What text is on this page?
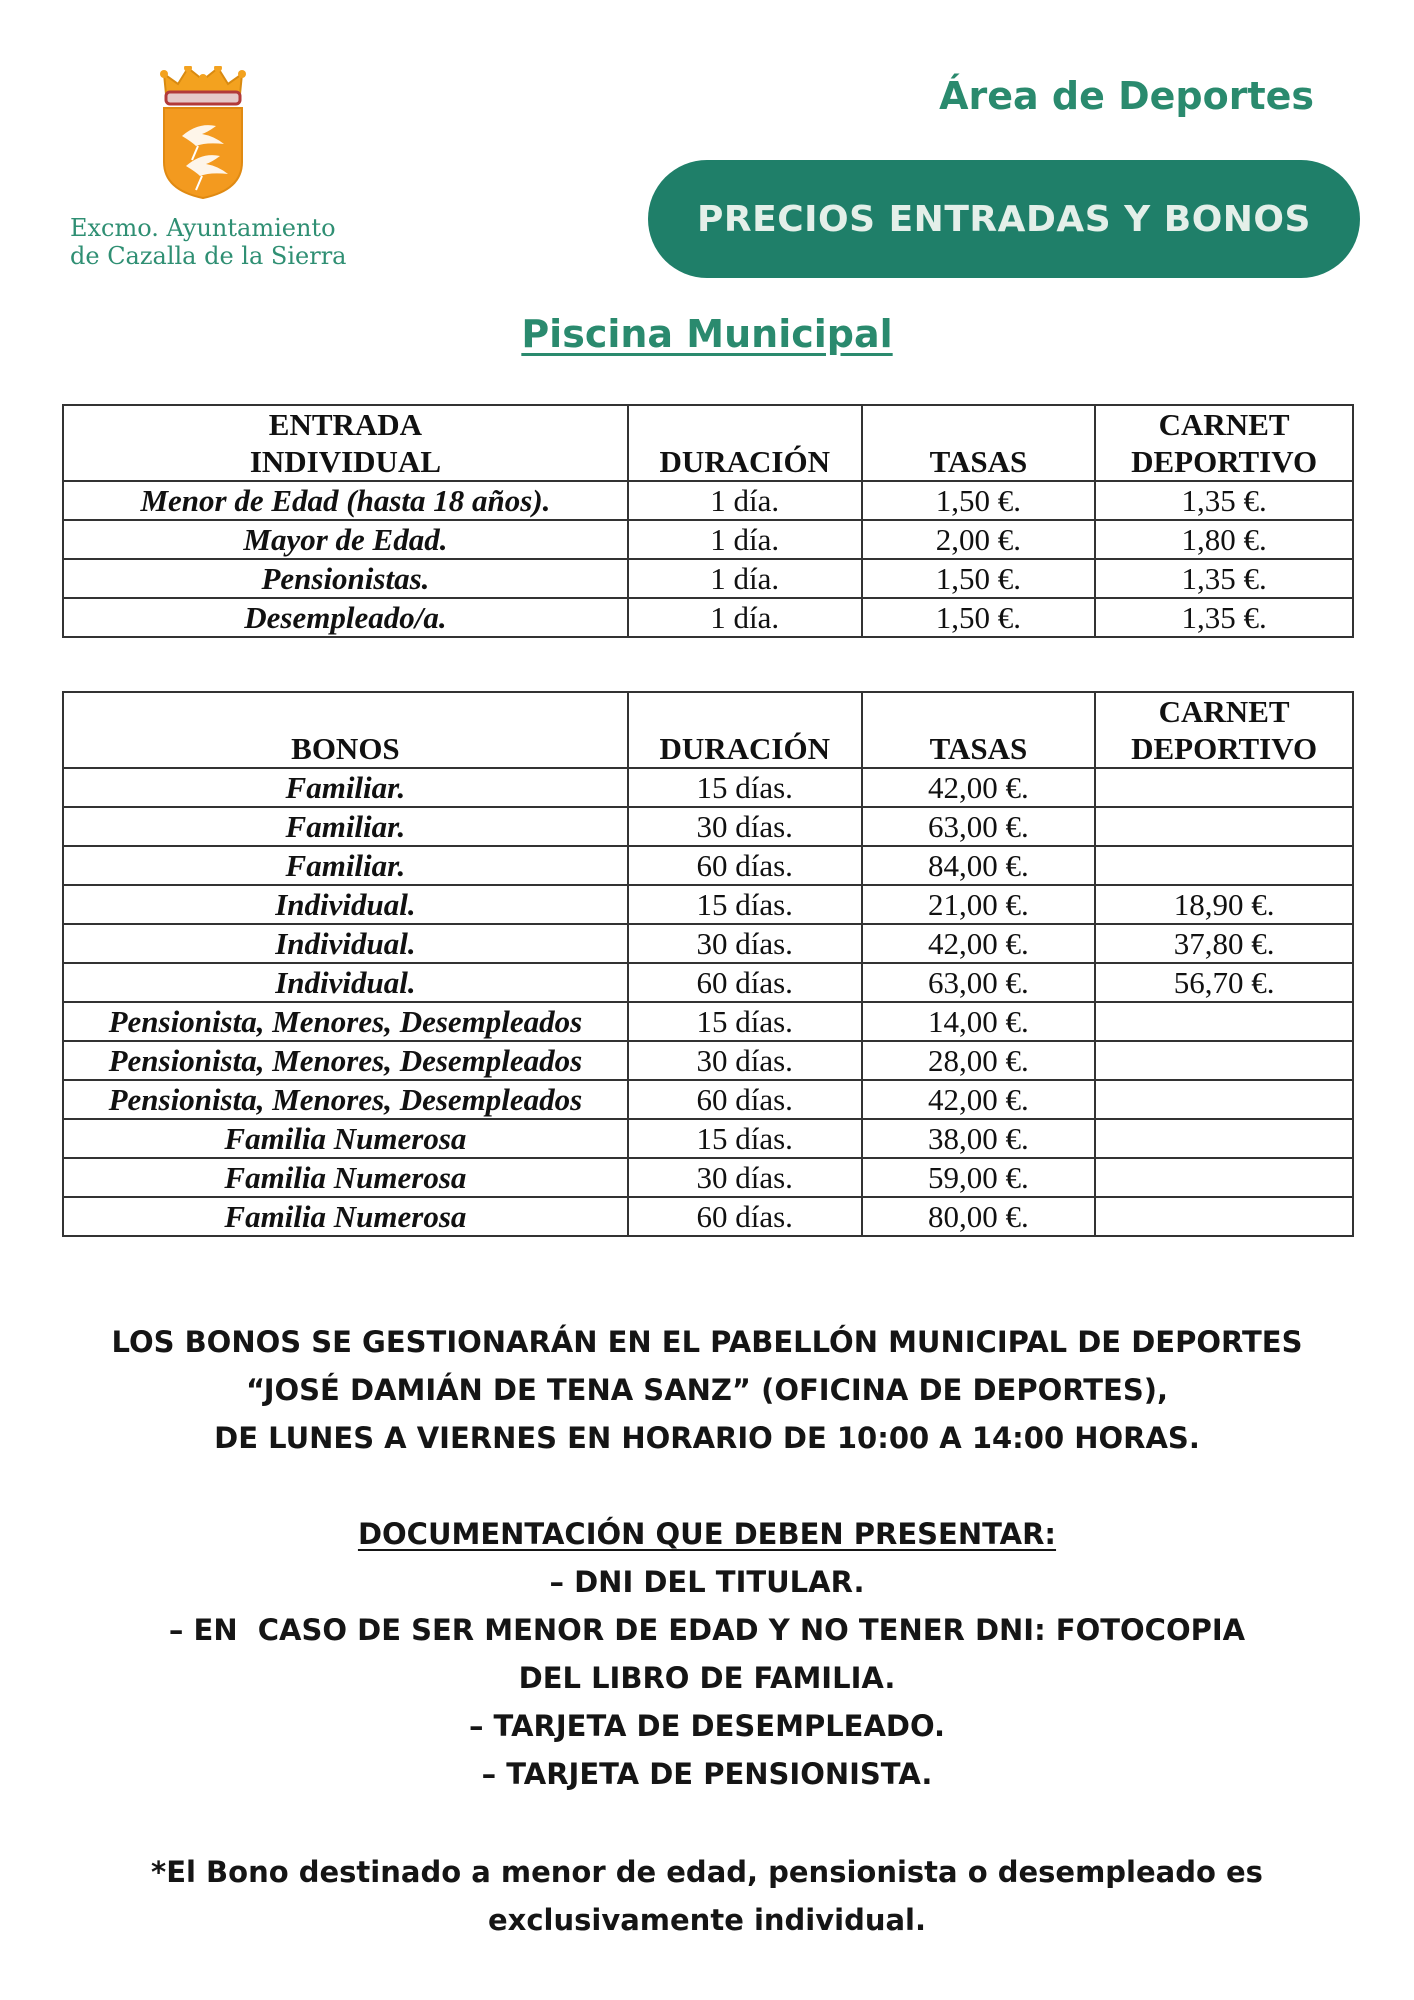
Excmo. Ayuntamiento
de Cazalla de la Sierra
Área de Deportes
PRECIOS ENTRADAS Y BONOS
Piscina Municipal
ENTRADA
INDIVIDUAL	DURACIÓN	TASAS	CARNET
DEPORTIVO

Menor de Edad (hasta 18 años).	1 día.	1,50 €.	1,35 €.
Mayor de Edad.	1 día.	2,00 €.	1,80 €.
Pensionistas.	1 día.	1,50 €.	1,35 €.
Desempleado/a.	1 día.	1,50 €.	1,35 €.
BONOS	DURACIÓN	TASAS	CARNET
DEPORTIVO

Familiar.	15 días.	42,00 €.	
Familiar.	30 días.	63,00 €.	
Familiar.	60 días.	84,00 €.	
Individual.	15 días.	21,00 €.	18,90 €.
Individual.	30 días.	42,00 €.	37,80 €.
Individual.	60 días.	63,00 €.	56,70 €.
Pensionista, Menores, Desempleados	15 días.	14,00 €.	
Pensionista, Menores, Desempleados	30 días.	28,00 €.	
Pensionista, Menores, Desempleados	60 días.	42,00 €.	
Familia Numerosa	15 días.	38,00 €.	
Familia Numerosa	30 días.	59,00 €.	
Familia Numerosa	60 días.	80,00 €.	
LOS BONOS SE GESTIONARÁN EN EL PABELLÓN MUNICIPAL DE DEPORTES
“JOSÉ DAMIÁN DE TENA SANZ” (OFICINA DE DEPORTES),
DE LUNES A VIERNES EN HORARIO DE 10:00 A 14:00 HORAS.
DOCUMENTACIÓN QUE DEBEN PRESENTAR:
– DNI DEL TITULAR.
– EN  CASO DE SER MENOR DE EDAD Y NO TENER DNI: FOTOCOPIA
DEL LIBRO DE FAMILIA.
– TARJETA DE DESEMPLEADO.
– TARJETA DE PENSIONISTA.
*El Bono destinado a menor de edad, pensionista o desempleado es
exclusivamente individual.
